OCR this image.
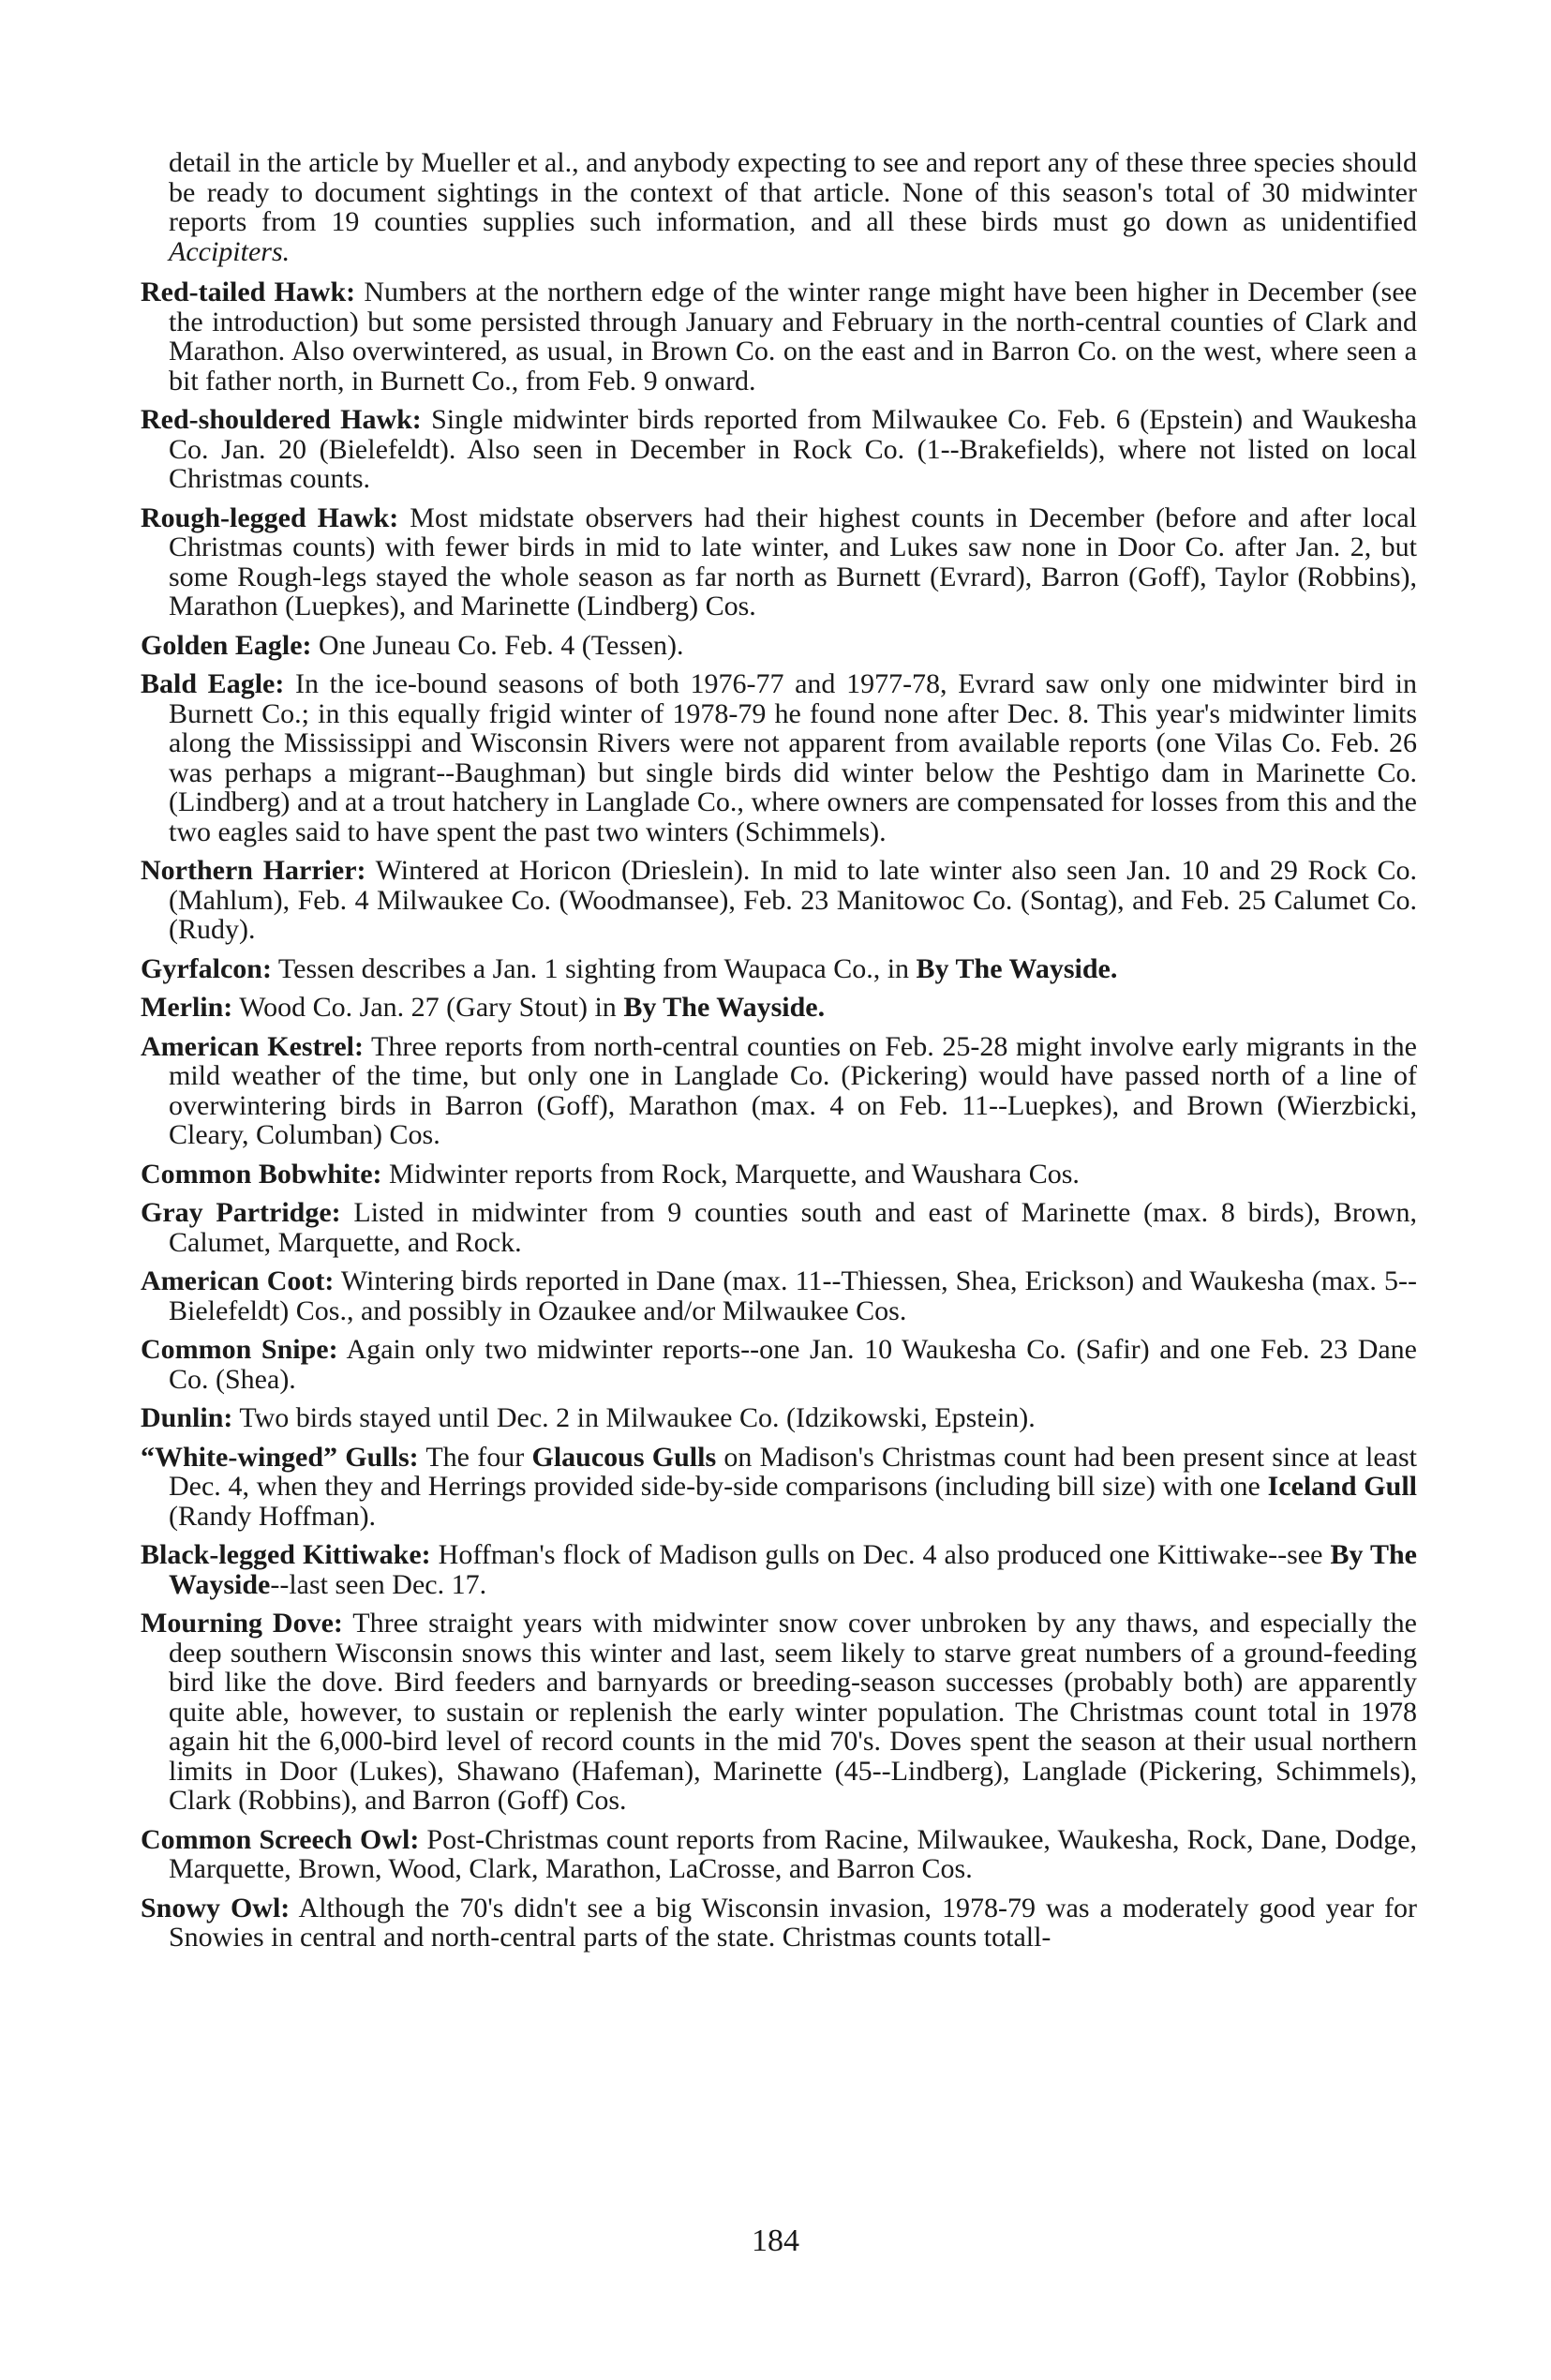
detail in the article by Mueller et al., and anybody expecting to see and report any of these three species should be ready to document sightings in the context of that article. None of this season's total of 30 midwinter reports from 19 counties supplies such information, and all these birds must go down as unidentified Accipiters.

Red-tailed Hawk: Numbers at the northern edge of the winter range might have been higher in December (see the introduction) but some persisted through January and February in the north-central counties of Clark and Marathon. Also overwintered, as usual, in Brown Co. on the east and in Barron Co. on the west, where seen a bit father north, in Burnett Co., from Feb. 9 onward.

Red-shouldered Hawk: Single midwinter birds reported from Milwaukee Co. Feb. 6 (Epstein) and Waukesha Co. Jan. 20 (Bielefeldt). Also seen in December in Rock Co. (1--Brakefields), where not listed on local Christmas counts.

Rough-legged Hawk: Most midstate observers had their highest counts in December (before and after local Christmas counts) with fewer birds in mid to late winter, and Lukes saw none in Door Co. after Jan. 2, but some Rough-legs stayed the whole season as far north as Burnett (Evrard), Barron (Goff), Taylor (Robbins), Marathon (Luepkes), and Marinette (Lindberg) Cos.

Golden Eagle: One Juneau Co. Feb. 4 (Tessen).

Bald Eagle: In the ice-bound seasons of both 1976-77 and 1977-78, Evrard saw only one midwinter bird in Burnett Co.; in this equally frigid winter of 1978-79 he found none after Dec. 8. This year's midwinter limits along the Mississippi and Wisconsin Rivers were not apparent from available reports (one Vilas Co. Feb. 26 was perhaps a migrant--Baughman) but single birds did winter below the Peshtigo dam in Marinette Co. (Lindberg) and at a trout hatchery in Langlade Co., where owners are compensated for losses from this and the two eagles said to have spent the past two winters (Schimmels).

Northern Harrier: Wintered at Horicon (Drieslein). In mid to late winter also seen Jan. 10 and 29 Rock Co. (Mahlum), Feb. 4 Milwaukee Co. (Woodmansee), Feb. 23 Manitowoc Co. (Sontag), and Feb. 25 Calumet Co. (Rudy).

Gyrfalcon: Tessen describes a Jan. 1 sighting from Waupaca Co., in By The Wayside.

Merlin: Wood Co. Jan. 27 (Gary Stout) in By The Wayside.

American Kestrel: Three reports from north-central counties on Feb. 25-28 might involve early migrants in the mild weather of the time, but only one in Langlade Co. (Pickering) would have passed north of a line of overwintering birds in Barron (Goff), Marathon (max. 4 on Feb. 11--Luepkes), and Brown (Wierzbicki, Cleary, Columban) Cos.

Common Bobwhite: Midwinter reports from Rock, Marquette, and Waushara Cos.

Gray Partridge: Listed in midwinter from 9 counties south and east of Marinette (max. 8 birds), Brown, Calumet, Marquette, and Rock.

American Coot: Wintering birds reported in Dane (max. 11--Thiessen, Shea, Erickson) and Waukesha (max. 5--Bielefeldt) Cos., and possibly in Ozaukee and/or Milwaukee Cos.

Common Snipe: Again only two midwinter reports--one Jan. 10 Waukesha Co. (Safir) and one Feb. 23 Dane Co. (Shea).

Dunlin: Two birds stayed until Dec. 2 in Milwaukee Co. (Idzikowski, Epstein).

“White-winged” Gulls: The four Glaucous Gulls on Madison's Christmas count had been present since at least Dec. 4, when they and Herrings provided side-by-side comparisons (including bill size) with one Iceland Gull (Randy Hoffman).

Black-legged Kittiwake: Hoffman's flock of Madison gulls on Dec. 4 also produced one Kittiwake--see By The Wayside--last seen Dec. 17.

Mourning Dove: Three straight years with midwinter snow cover unbroken by any thaws, and especially the deep southern Wisconsin snows this winter and last, seem likely to starve great numbers of a ground-feeding bird like the dove. Bird feeders and barnyards or breeding-season successes (probably both) are apparently quite able, however, to sustain or replenish the early winter population. The Christmas count total in 1978 again hit the 6,000-bird level of record counts in the mid 70's. Doves spent the season at their usual northern limits in Door (Lukes), Shawano (Hafeman), Marinette (45--Lindberg), Langlade (Pickering, Schimmels), Clark (Robbins), and Barron (Goff) Cos.

Common Screech Owl: Post-Christmas count reports from Racine, Milwaukee, Waukesha, Rock, Dane, Dodge, Marquette, Brown, Wood, Clark, Marathon, LaCrosse, and Barron Cos.

Snowy Owl: Although the 70's didn't see a big Wisconsin invasion, 1978-79 was a moderately good year for Snowies in central and north-central parts of the state. Christmas counts totall-

184
